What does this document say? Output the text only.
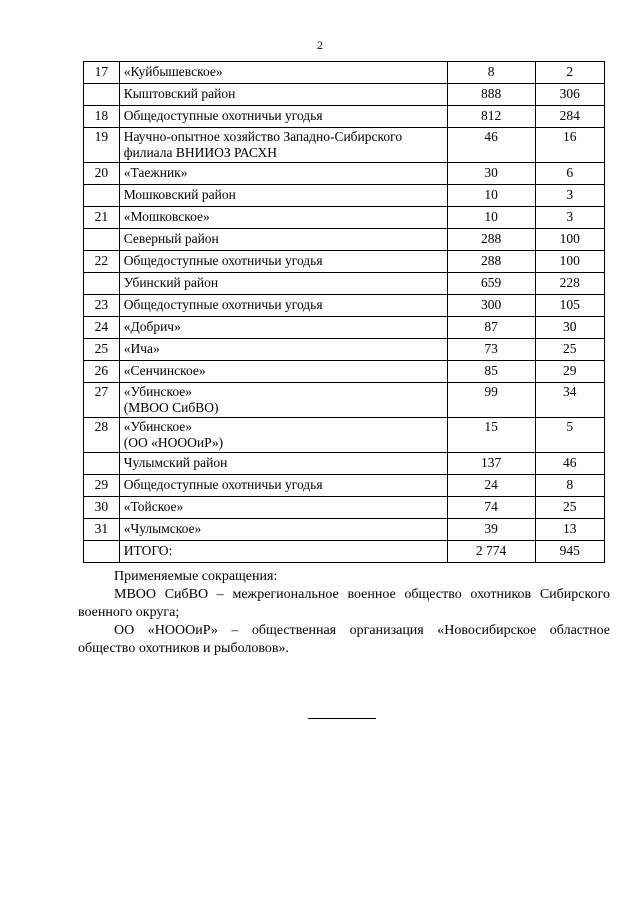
2
17	«Куйбышевское»	8	2

	Кыштовский район	888	306
18	Общедоступные охотничьи угодья	812	284
19	Научно-опытное хозяйство Западно-Сибирского
филиала ВНИИОЗ РАСХН	46	16
20	«Таежник»	30	6

	Мошковский район	10	3
21	«Мошковское»	10	3

	Северный район	288	100
22	Общедоступные охотничьи угодья	288	100

	Убинский район	659	228
23	Общедоступные охотничьи угодья	300	105
24	«Добрич»	87	30
25	«Ича»	73	25
26	«Сенчинское»	85	29
27	«Убинское»
(МВОО СибВО)	99	34
28	«Убинское»
(ОО «НОООиР»)	15	5

	Чулымский район	137	46
29	Общедоступные охотничьи угодья	24	8
30	«Тойское»	74	25
31	«Чулымское»	39	13

	ИТОГО:	2 774	945

Применяемые сокращения:

МВОО СибВО – межрегиональное военное общество охотников Сибирского военного округа;

ОО «НОООиР» – общественная организация «Новосибирское областное общество охотников и рыболовов».
